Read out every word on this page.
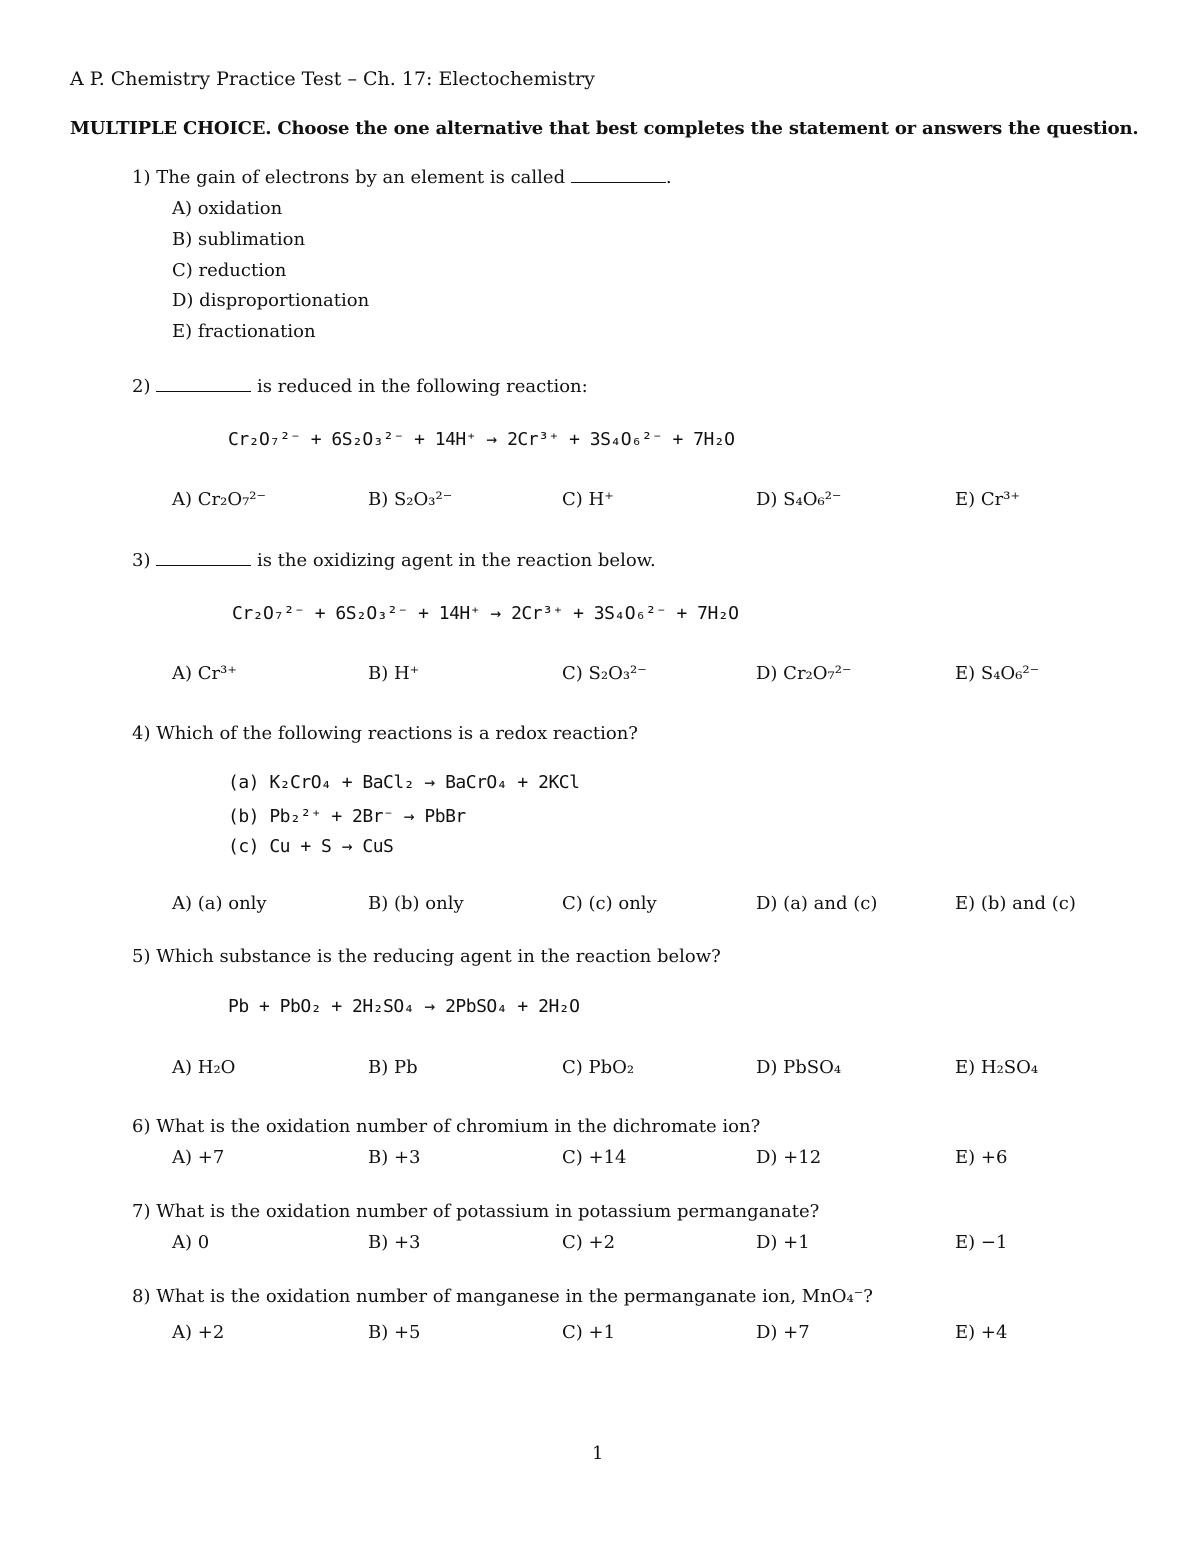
A P. Chemistry Practice Test – Ch. 17: Electochemistry
MULTIPLE CHOICE. Choose the one alternative that best completes the statement or answers the question.
1) The gain of electrons by an element is called	.
A) oxidation
B) sublimation
C) reduction
D) disproportionation
E) fractionation
2)	is reduced in the following reaction:
Cr₂O₇²⁻ + 6S₂O₃²⁻ + 14H⁺ → 2Cr³⁺ + 3S₄O₆²⁻ + 7H₂O
A) Cr₂O₇²⁻	B) S₂O₃²⁻	C) H⁺	D) S₄O₆²⁻	E) Cr³⁺
3)	is the oxidizing agent in the reaction below.
Cr₂O₇²⁻ + 6S₂O₃²⁻ + 14H⁺ → 2Cr³⁺ + 3S₄O₆²⁻ + 7H₂O
A) Cr³⁺	B) H⁺	C) S₂O₃²⁻	D) Cr₂O₇²⁻	E) S₄O₆²⁻
4) Which of the following reactions is a redox reaction?
(a) K₂CrO₄ + BaCl₂ → BaCrO₄ + 2KCl
(b) Pb₂²⁺ + 2Br⁻ → PbBr
(c) Cu + S → CuS
A) (a) only	B) (b) only	C) (c) only	D) (a) and (c)	E) (b) and (c)
5) Which substance is the reducing agent in the reaction below?
Pb + PbO₂ + 2H₂SO₄ → 2PbSO₄ + 2H₂O
A) H₂O	B) Pb	C) PbO₂	D) PbSO₄	E) H₂SO₄
6) What is the oxidation number of chromium in the dichromate ion?
A) +7	B) +3	C) +14	D) +12	E) +6
7) What is the oxidation number of potassium in potassium permanganate?
A) 0	B) +3	C) +2	D) +1	E) −1
8) What is the oxidation number of manganese in the permanganate ion, MnO₄⁻?
A) +2	B) +5	C) +1	D) +7	E) +4
1
